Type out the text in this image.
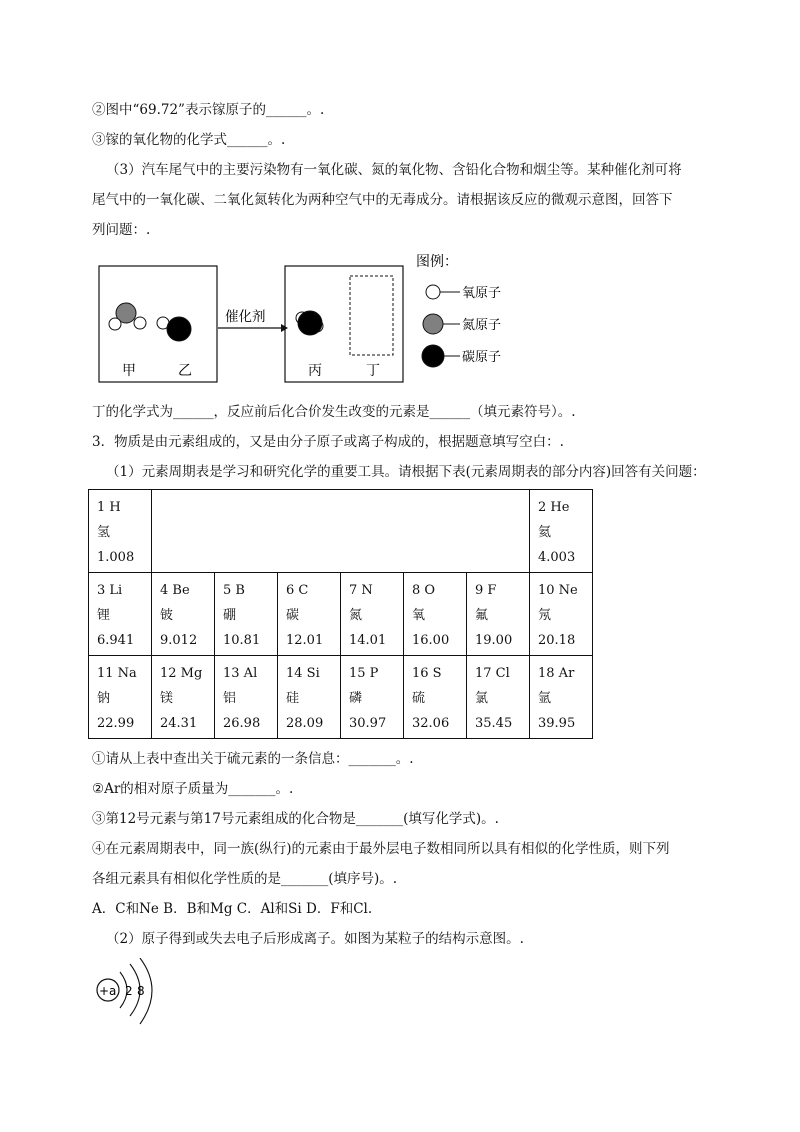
②图中“69.72”表示镓原子的______。.
③镓的氧化物的化学式______。.
（3）汽车尾气中的主要污染物有一氧化碳、氮的氧化物、含铅化合物和烟尘等。某种催化剂可将
尾气中的一氧化碳、二氧化氮转化为两种空气中的无毒成分。请根据该反应的微观示意图，回答下
列问题：.
甲	乙
催化剂
丙	丁
图例：
氧原子
氮原子
碳原子
丁的化学式为______，反应前后化合价发生改变的元素是______（填元素符号）。.
3．物质是由元素组成的，又是由分子原子或离子构成的，根据题意填写空白：.
（1）元素周期表是学习和研究化学的重要工具。请根据下表(元素周期表的部分内容)回答有关问题：
1 H
氢
1.008							2 He
氦
4.003

3 Li
锂
6.941	4 Be
铍
9.012	5 B
硼
10.81	6 C
碳
12.01	7 N
氮
14.01	8 O
氧
16.00	9 F
氟
19.00	10 Ne
氖
20.18

11 Na
钠
22.99	12 Mg
镁
24.31	13 Al
铝
26.98	14 Si
硅
28.09	15 P
磷
30.97	16 S
硫
32.06	17 Cl
氯
35.45	18 Ar
氩
39.95
①请从上表中查出关于硫元素的一条信息：_______。.
②Ar的相对原子质量为_______。.
③第12号元素与第17号元素组成的化合物是_______(填写化学式)。.
④在元素周期表中，同一族(纵行)的元素由于最外层电子数相同所以具有相似的化学性质，则下列
各组元素具有相似化学性质的是_______(填序号)。.
A．C和Ne B．B和Mg C．Al和Si D．F和Cl.
（2）原子得到或失去电子后形成离子。如图为某粒子的结构示意图。.
+a 2 8
